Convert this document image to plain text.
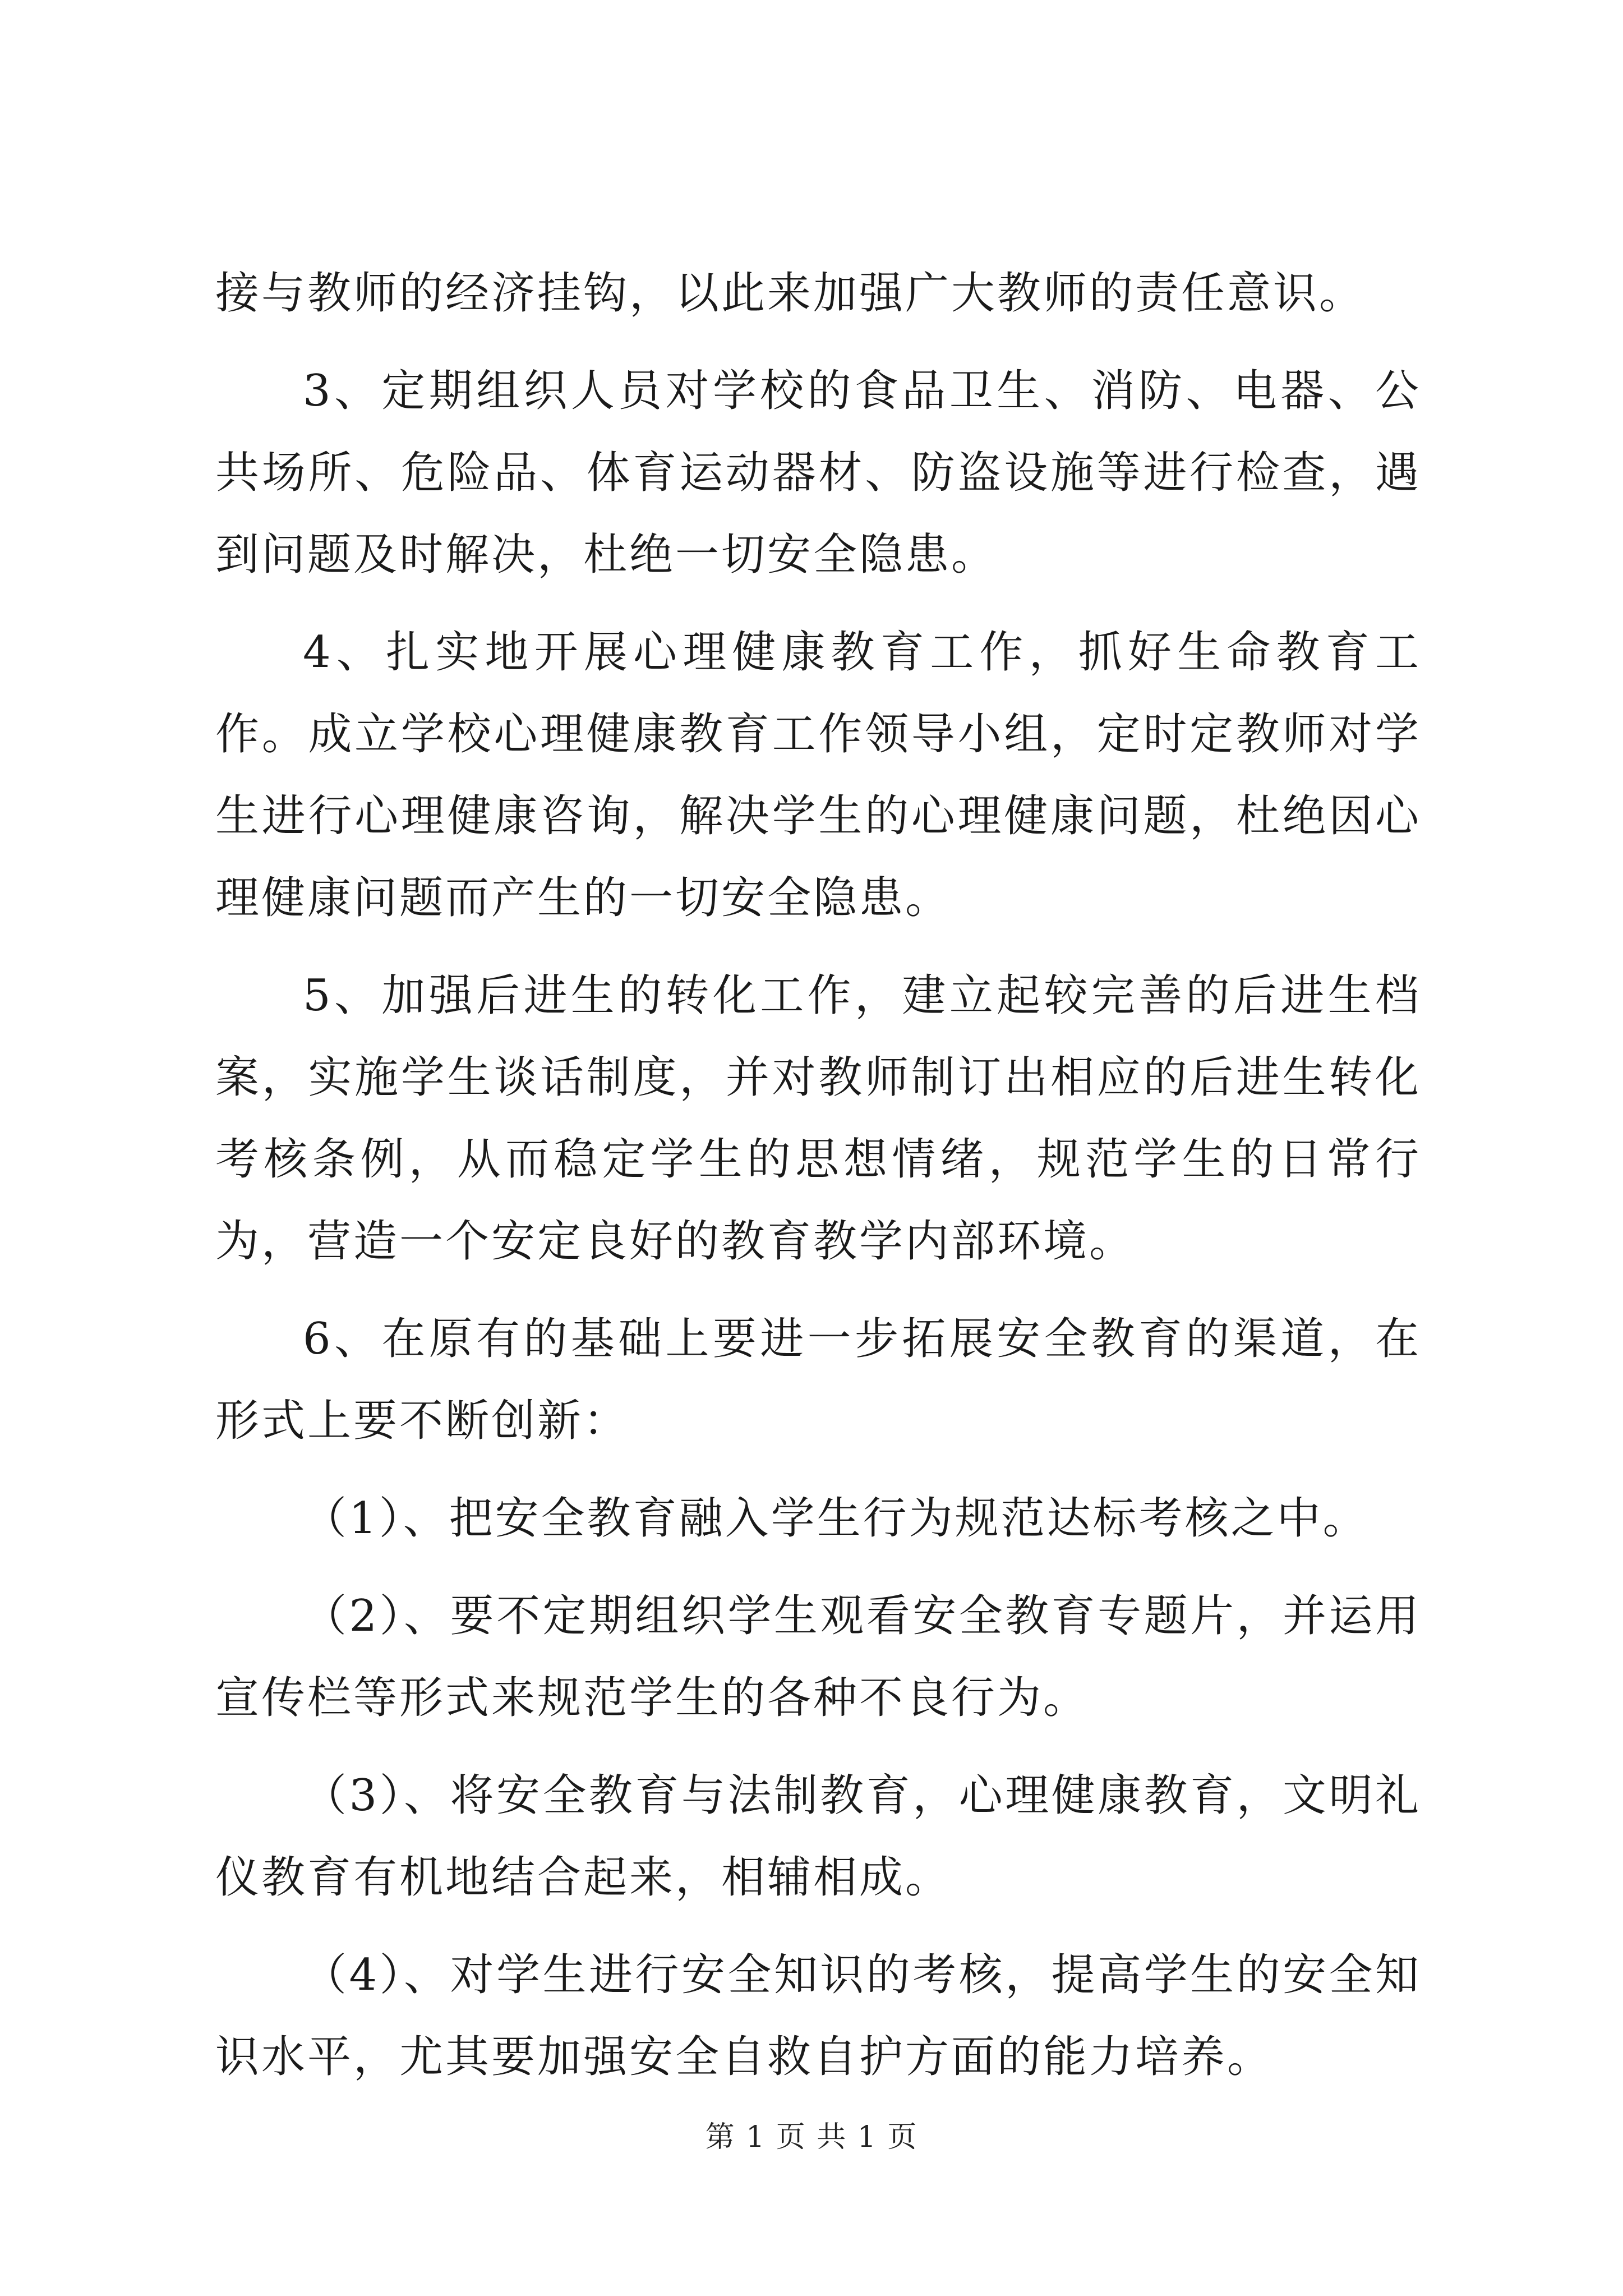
接与教师的经济挂钩，以此来加强广大教师的责任意识。

3、定期组织人员对学校的食品卫生、消防、电器、公共场所、危险品、体育运动器材、防盗设施等进行检查，遇到问题及时解决，杜绝一切安全隐患。

4、扎实地开展心理健康教育工作，抓好生命教育工作。成立学校心理健康教育工作领导小组，定时定教师对学生进行心理健康咨询，解决学生的心理健康问题，杜绝因心理健康问题而产生的一切安全隐患。

5、加强后进生的转化工作，建立起较完善的后进生档案，实施学生谈话制度，并对教师制订出相应的后进生转化考核条例，从而稳定学生的思想情绪，规范学生的日常行为，营造一个安定良好的教育教学内部环境。

6、在原有的基础上要进一步拓展安全教育的渠道，在形式上要不断创新：

（1）、把安全教育融入学生行为规范达标考核之中。

（2）、要不定期组织学生观看安全教育专题片，并运用宣传栏等形式来规范学生的各种不良行为。

（3）、将安全教育与法制教育，心理健康教育，文明礼仪教育有机地结合起来，相辅相成。

（4）、对学生进行安全知识的考核，提高学生的安全知识水平，尤其要加强安全自救自护方面的能力培养。

第 1 页 共 1 页
